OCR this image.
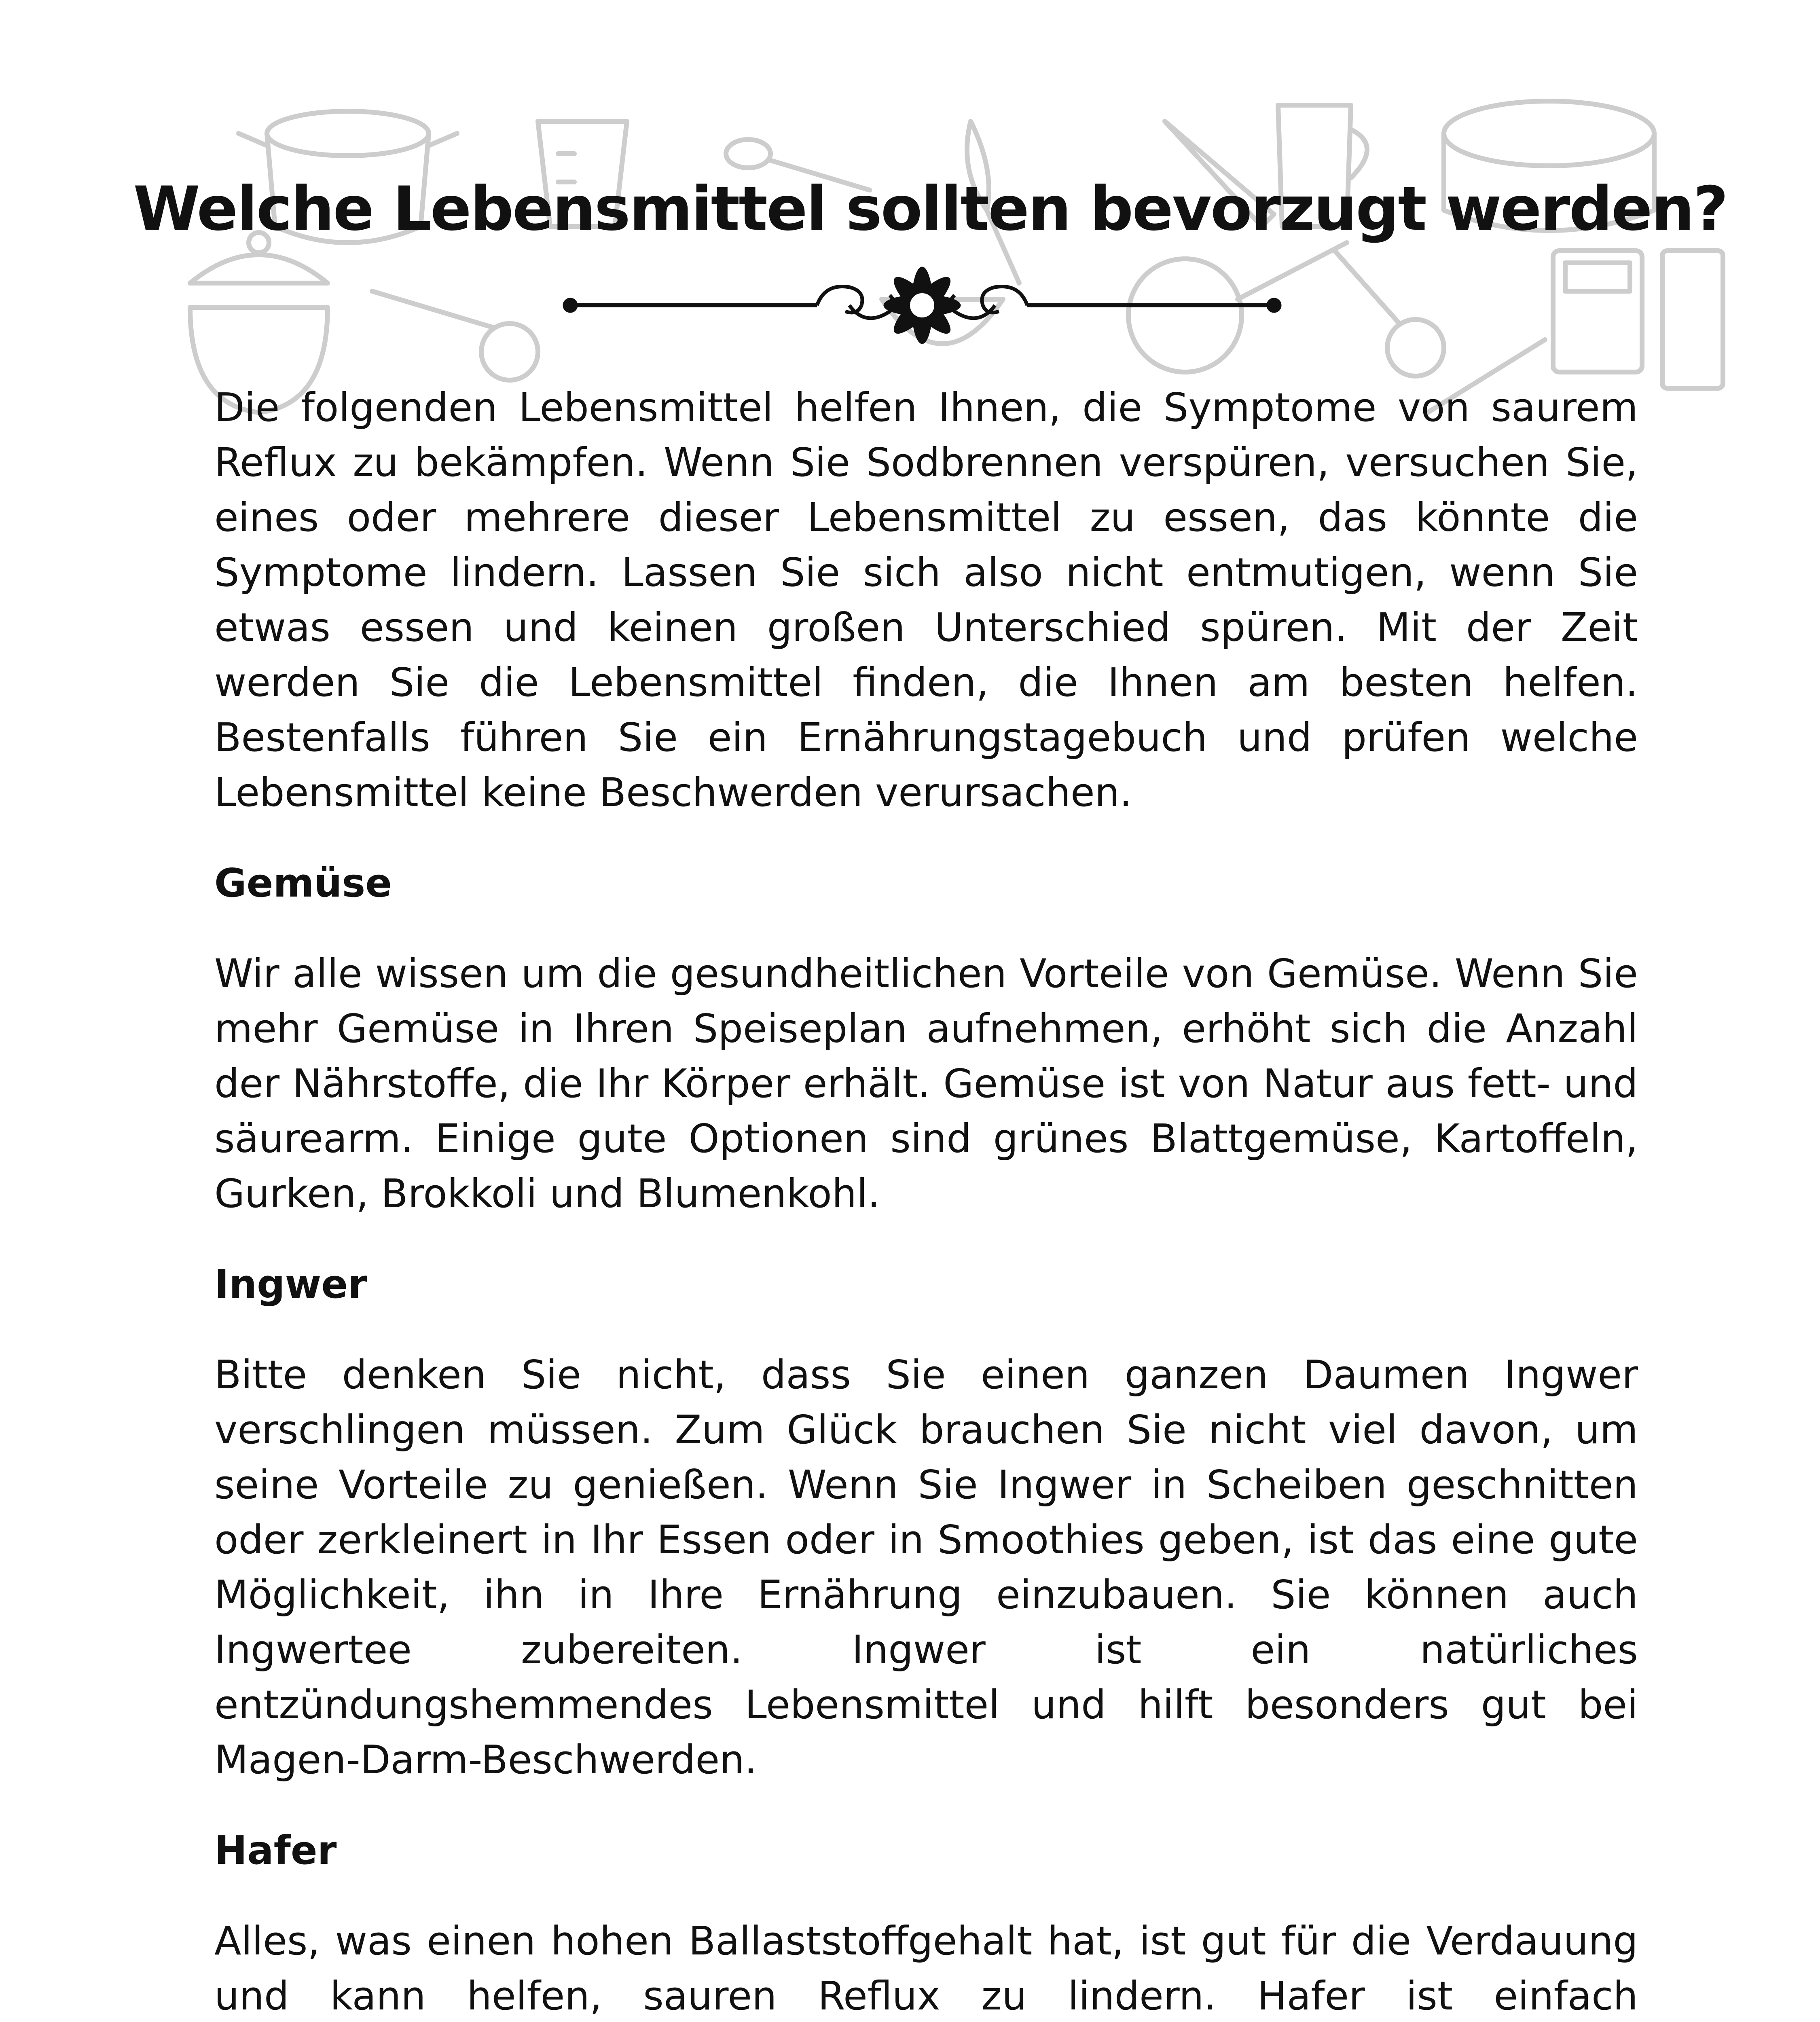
Welche Lebensmittel sollten bevorzugt werden?

Die folgenden Lebensmittel helfen Ihnen, die Symptome von saurem Reflux zu bekämpfen. Wenn Sie Sodbrennen verspüren, versuchen Sie, eines oder mehrere dieser Lebensmittel zu essen, das könnte die Symptome lindern. Lassen Sie sich also nicht entmutigen, wenn Sie etwas essen und keinen großen Unterschied spüren. Mit der Zeit werden Sie die Lebensmittel finden, die Ihnen am besten helfen. Bestenfalls führen Sie ein Ernährungstagebuch und prüfen welche Lebensmittel keine Beschwerden verursachen.

Gemüse

Wir alle wissen um die gesundheitlichen Vorteile von Gemüse. Wenn Sie mehr Gemüse in Ihren Speiseplan aufnehmen, erhöht sich die Anzahl der Nährstoffe, die Ihr Körper erhält. Gemüse ist von Natur aus fett- und säurearm. Einige gute Optionen sind grünes Blattgemüse, Kartoffeln, Gurken, Brokkoli und Blumenkohl.

Ingwer

Bitte denken Sie nicht, dass Sie einen ganzen Daumen Ingwer verschlingen müssen. Zum Glück brauchen Sie nicht viel davon, um seine Vorteile zu genießen. Wenn Sie Ingwer in Scheiben geschnitten oder zerkleinert in Ihr Essen oder in Smoothies geben, ist das eine gute Möglichkeit, ihn in Ihre Ernährung einzubauen. Sie können auch Ingwertee zubereiten. Ingwer ist ein natürliches entzündungshemmendes Lebensmittel und hilft besonders gut bei Magen-Darm-Beschwerden.

Hafer

Alles, was einen hohen Ballaststoffgehalt hat, ist gut für die Verdauung und kann helfen, sauren Reflux zu lindern. Hafer ist einfach
